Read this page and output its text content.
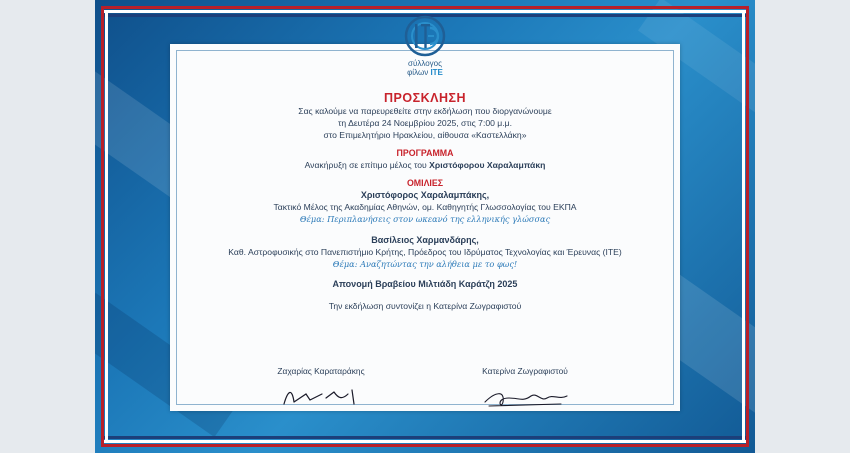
σύλλογος
φίλων ΙΤΕ
ΠΡΟΣΚΛΗΣΗ
Σας καλούμε να παρευρεθείτε στην εκδήλωση που διοργανώνουμε
τη Δευτέρα 24 Νοεμβρίου 2025, στις 7:00 μ.μ.
στο Επιμελητήριο Ηρακλείου, αίθουσα «Καστελλάκη»
ΠΡΟΓΡΑΜΜΑ
Ανακήρυξη σε επίτιμο μέλος του Χριστόφορου Χαραλαμπάκη
ΟΜΙΛΙΕΣ
Χριστόφορος Χαραλαμπάκης,
Τακτικό Μέλος της Ακαδημίας Αθηνών, ομ. Καθηγητής Γλωσσολογίας του ΕΚΠΑ
Θέμα: Περιπλανήσεις στον ωκεανό της ελληνικής γλώσσας
Βασίλειος Χαρμανδάρης,
Καθ. Αστροφυσικής στο Πανεπιστήμιο Κρήτης, Πρόεδρος του Ιδρύματος Τεχνολογίας και Έρευνας (ΙΤΕ)
Θέμα: Αναζητώντας την αλήθεια με το φως!
Απονομή Βραβείου Μιλτιάδη Καράτζη 2025
Την εκδήλωση συντονίζει η Κατερίνα Ζωγραφιστού
Ζαχαρίας Καραταράκης	Κατερίνα Ζωγραφιστού
